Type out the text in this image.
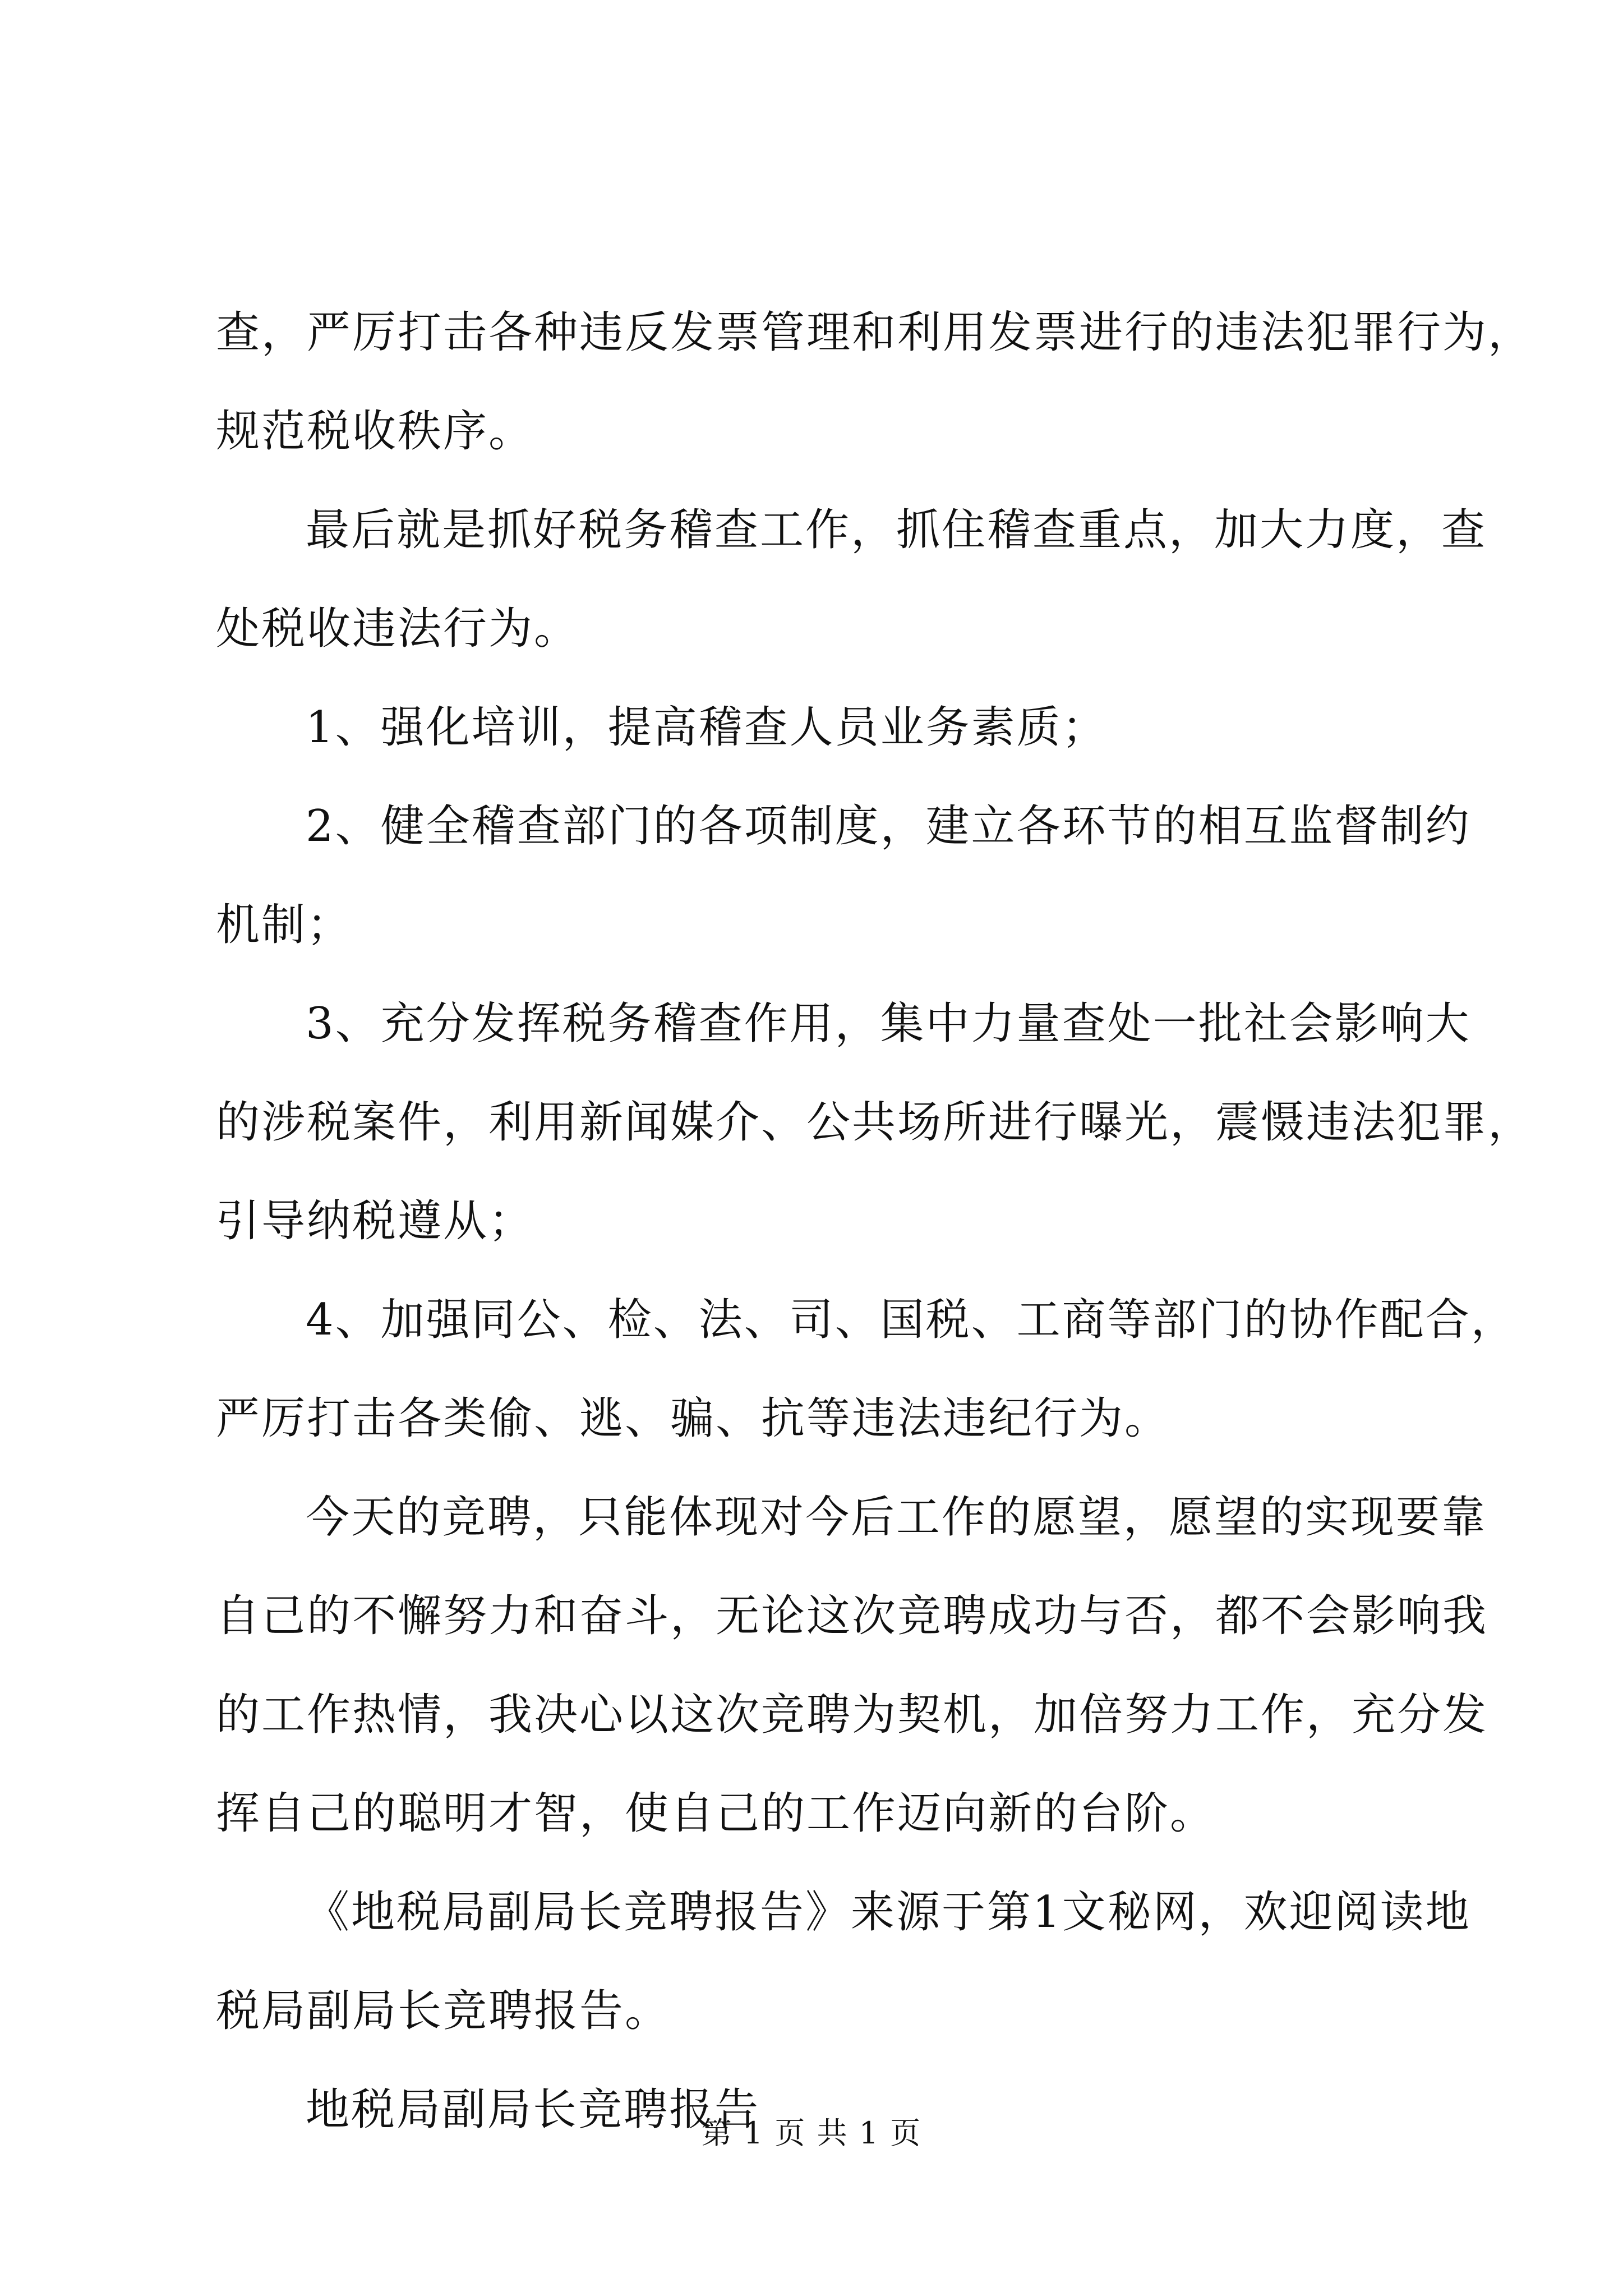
查，严厉打击各种违反发票管理和利用发票进行的违法犯罪行为，
规范税收秩序。
最后就是抓好税务稽查工作，抓住稽查重点，加大力度，查
处税收违法行为。
1、强化培训，提高稽查人员业务素质；
2、健全稽查部门的各项制度，建立各环节的相互监督制约
机制；
3、充分发挥税务稽查作用，集中力量查处一批社会影响大
的涉税案件，利用新闻媒介、公共场所进行曝光，震慑违法犯罪，
引导纳税遵从；
4、加强同公、检、法、司、国税、工商等部门的协作配合，
严厉打击各类偷、逃、骗、抗等违法违纪行为。
今天的竞聘，只能体现对今后工作的愿望，愿望的实现要靠
自己的不懈努力和奋斗，无论这次竞聘成功与否，都不会影响我
的工作热情，我决心以这次竞聘为契机，加倍努力工作，充分发
挥自己的聪明才智，使自己的工作迈向新的台阶。
《地税局副局长竞聘报告》来源于第1文秘网，欢迎阅读地
税局副局长竞聘报告。
地税局副局长竞聘报告
第 1 页 共 1 页
